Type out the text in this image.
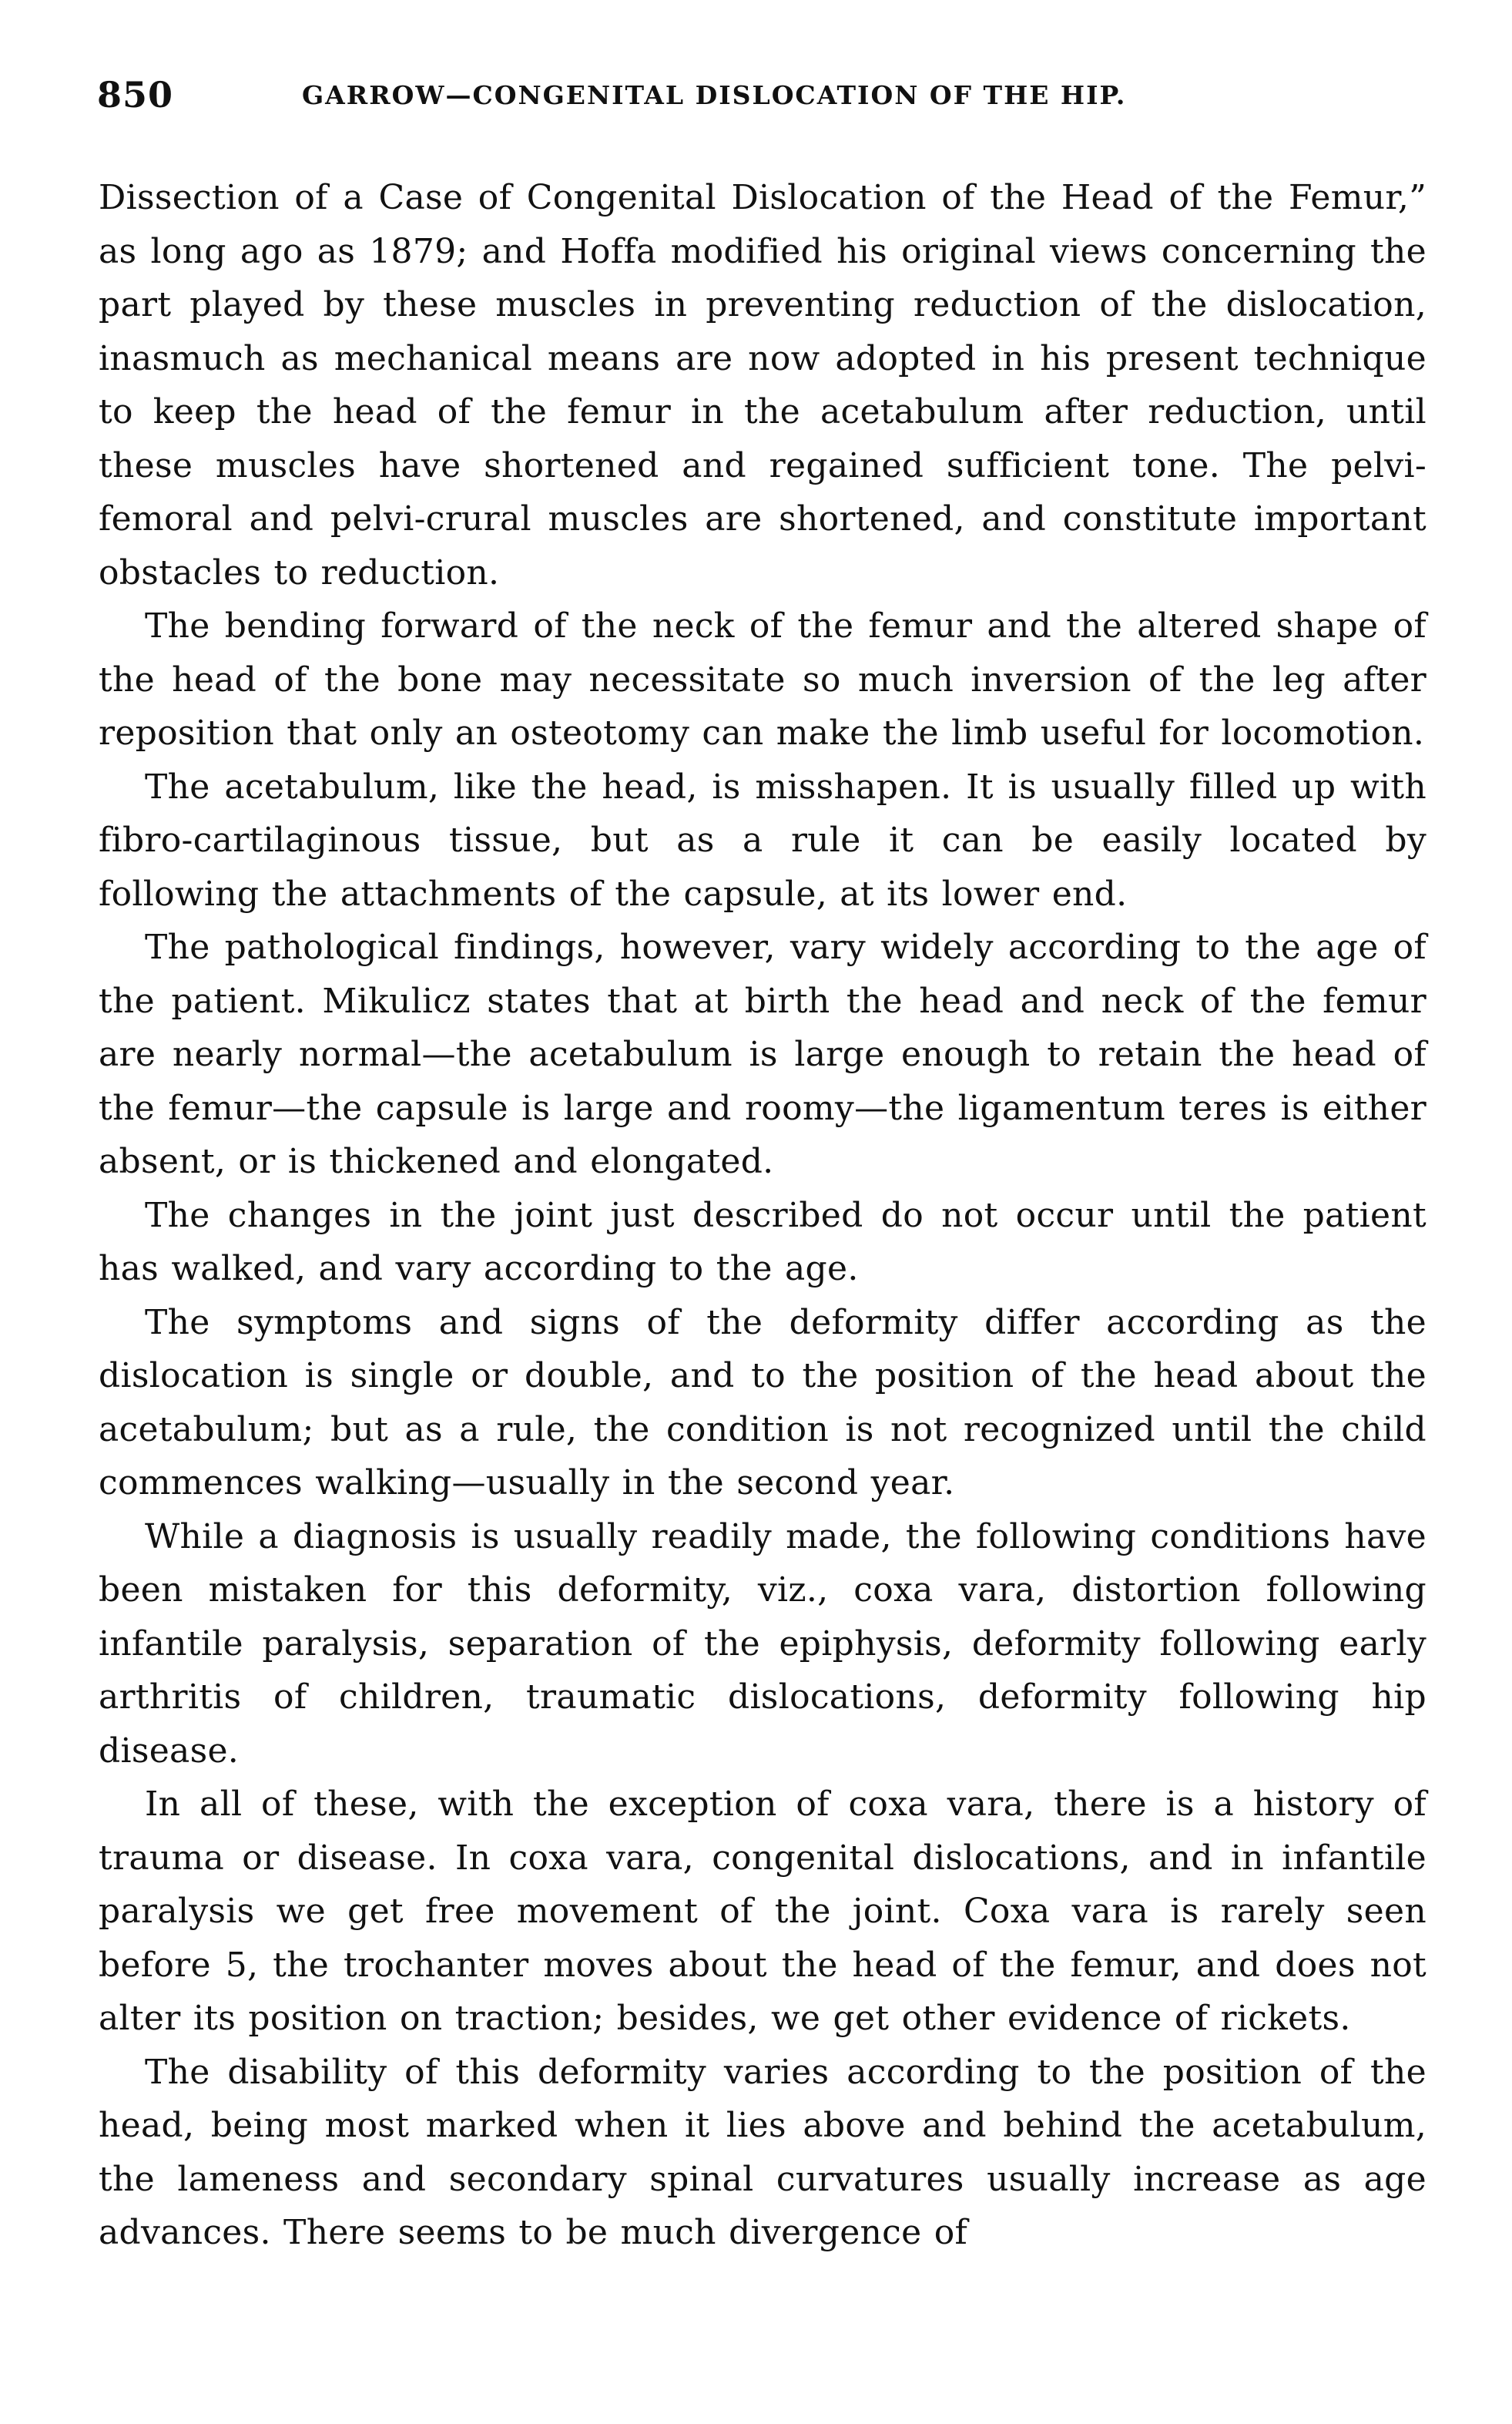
850	GARROW—CONGENITAL DISLOCATION OF THE HIP.

Dissection of a Case of Congenital Dislocation of the Head of the Femur,” as long ago as 1879; and Hoffa modified his original views concerning the part played by these muscles in preventing reduction of the dislocation, inasmuch as mechanical means are now adopted in his present technique to keep the head of the femur in the acetabulum after reduction, until these muscles have shortened and regained sufficient tone. The pelvi-femoral and pelvi-crural muscles are shortened, and constitute important obstacles to reduction.

The bending forward of the neck of the femur and the altered shape of the head of the bone may necessitate so much inversion of the leg after reposition that only an osteotomy can make the limb useful for locomotion.

The acetabulum, like the head, is misshapen. It is usually filled up with fibro-cartilaginous tissue, but as a rule it can be easily located by following the attachments of the capsule, at its lower end.

The pathological findings, however, vary widely according to the age of the patient. Mikulicz states that at birth the head and neck of the femur are nearly normal—the acetabulum is large enough to retain the head of the femur—the capsule is large and roomy—the ligamentum teres is either absent, or is thickened and elongated.

The changes in the joint just described do not occur until the patient has walked, and vary according to the age.

The symptoms and signs of the deformity differ according as the dislocation is single or double, and to the position of the head about the acetabulum; but as a rule, the condition is not recognized until the child commences walking—usually in the second year.

While a diagnosis is usually readily made, the following conditions have been mistaken for this deformity, viz., coxa vara, distortion following infantile paralysis, separation of the epiphysis, deformity following early arthritis of children, traumatic dislocations, deformity following hip disease.

In all of these, with the exception of coxa vara, there is a history of trauma or disease. In coxa vara, congenital dislocations, and in infantile paralysis we get free movement of the joint. Coxa vara is rarely seen before 5, the trochanter moves about the head of the femur, and does not alter its position on traction; besides, we get other evidence of rickets.

The disability of this deformity varies according to the position of the head, being most marked when it lies above and behind the acetabulum, the lameness and secondary spinal curvatures usually increase as age advances. There seems to be much divergence of
